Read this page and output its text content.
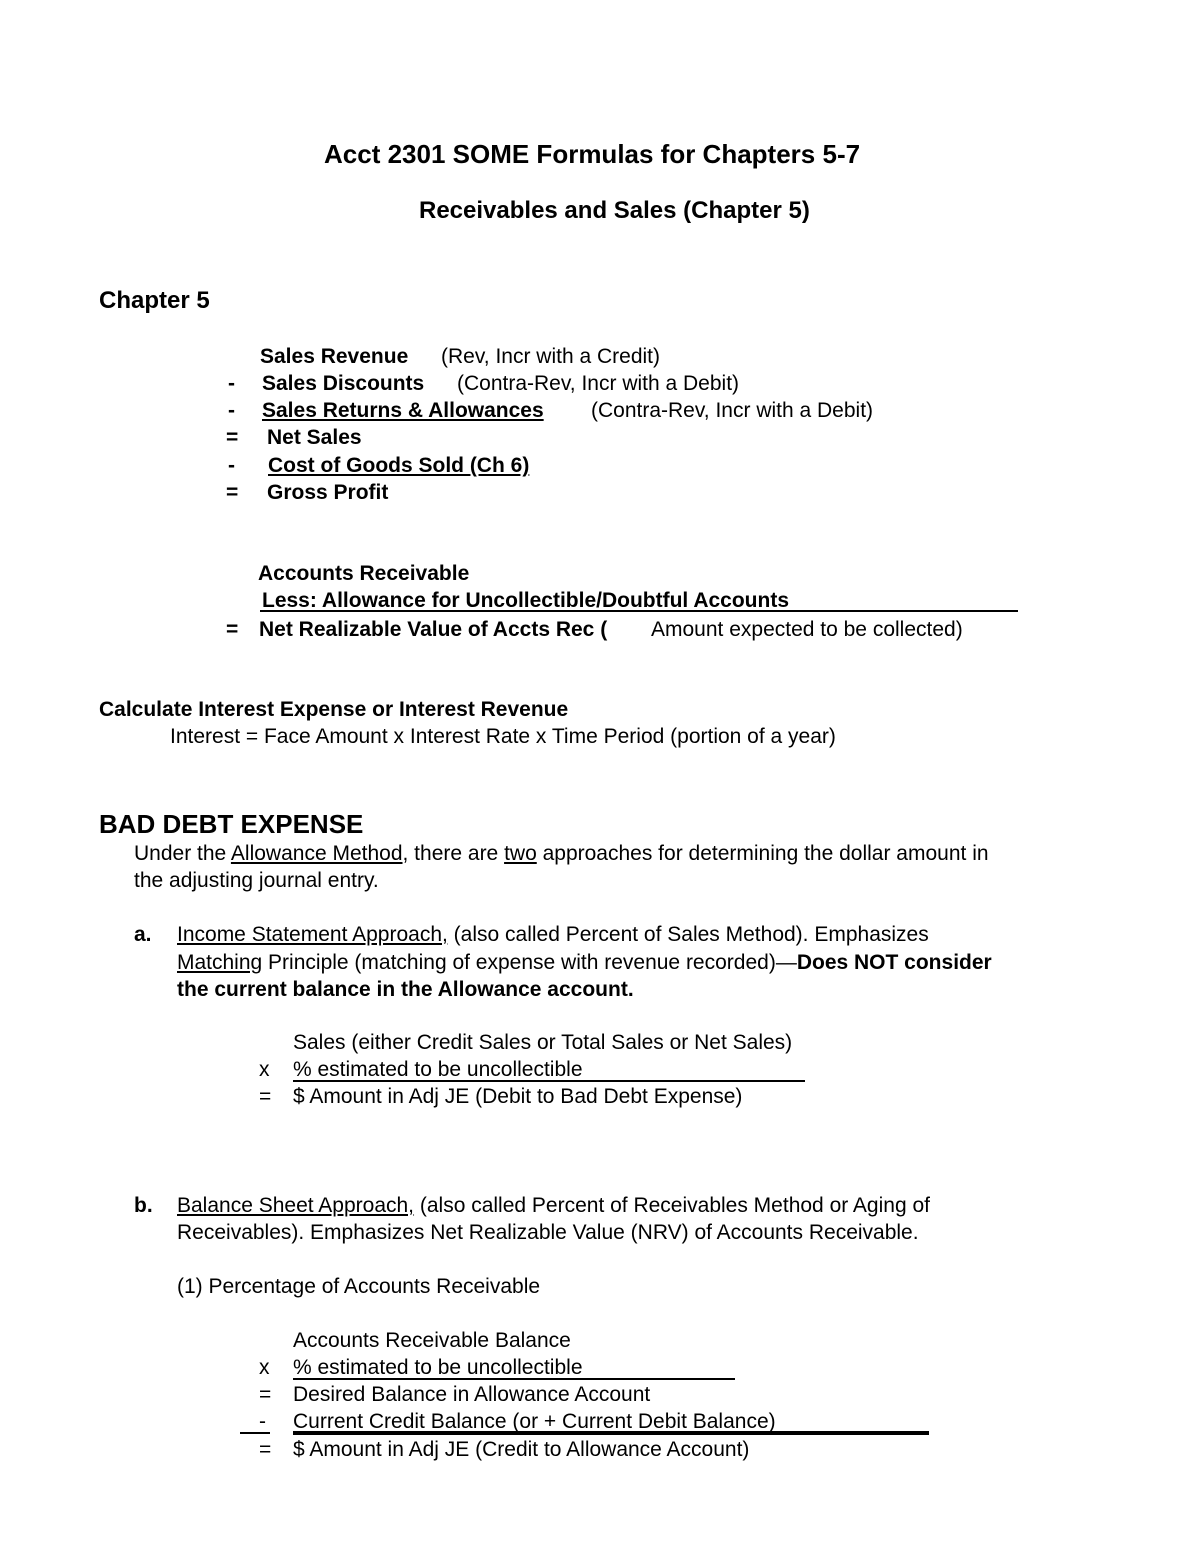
Acct 2301 SOME Formulas for Chapters 5-7
Receivables and Sales (Chapter 5)
Chapter 5
Sales Revenue (Rev, Incr with a Credit)
- Sales Discounts (Contra-Rev, Incr with a Debit)
- Sales Returns & Allowances (Contra-Rev, Incr with a Debit)
= Net Sales
- Cost of Goods Sold (Ch 6)
= Gross Profit
Accounts Receivable
Less: Allowance for Uncollectible/Doubtful Accounts
= Net Realizable Value of Accts Rec ( Amount expected to be collected)
Calculate Interest Expense or Interest Revenue
Interest = Face Amount x Interest Rate x Time Period (portion of a year)
BAD DEBT EXPENSE
Under the Allowance Method, there are two approaches for determining the dollar amount in
the adjusting journal entry.
a. Income Statement Approach, (also called Percent of Sales Method). Emphasizes
Matching Principle (matching of expense with revenue recorded)—Does NOT consider
the current balance in the Allowance account.
Sales (either Credit Sales or Total Sales or Net Sales)
x % estimated to be uncollectible
= $ Amount in Adj JE (Debit to Bad Debt Expense)
b. Balance Sheet Approach, (also called Percent of Receivables Method or Aging of
Receivables). Emphasizes Net Realizable Value (NRV) of Accounts Receivable.
(1) Percentage of Accounts Receivable
Accounts Receivable Balance
x % estimated to be uncollectible
= Desired Balance in Allowance Account
- Current Credit Balance (or + Current Debit Balance)
= $ Amount in Adj JE (Credit to Allowance Account)
